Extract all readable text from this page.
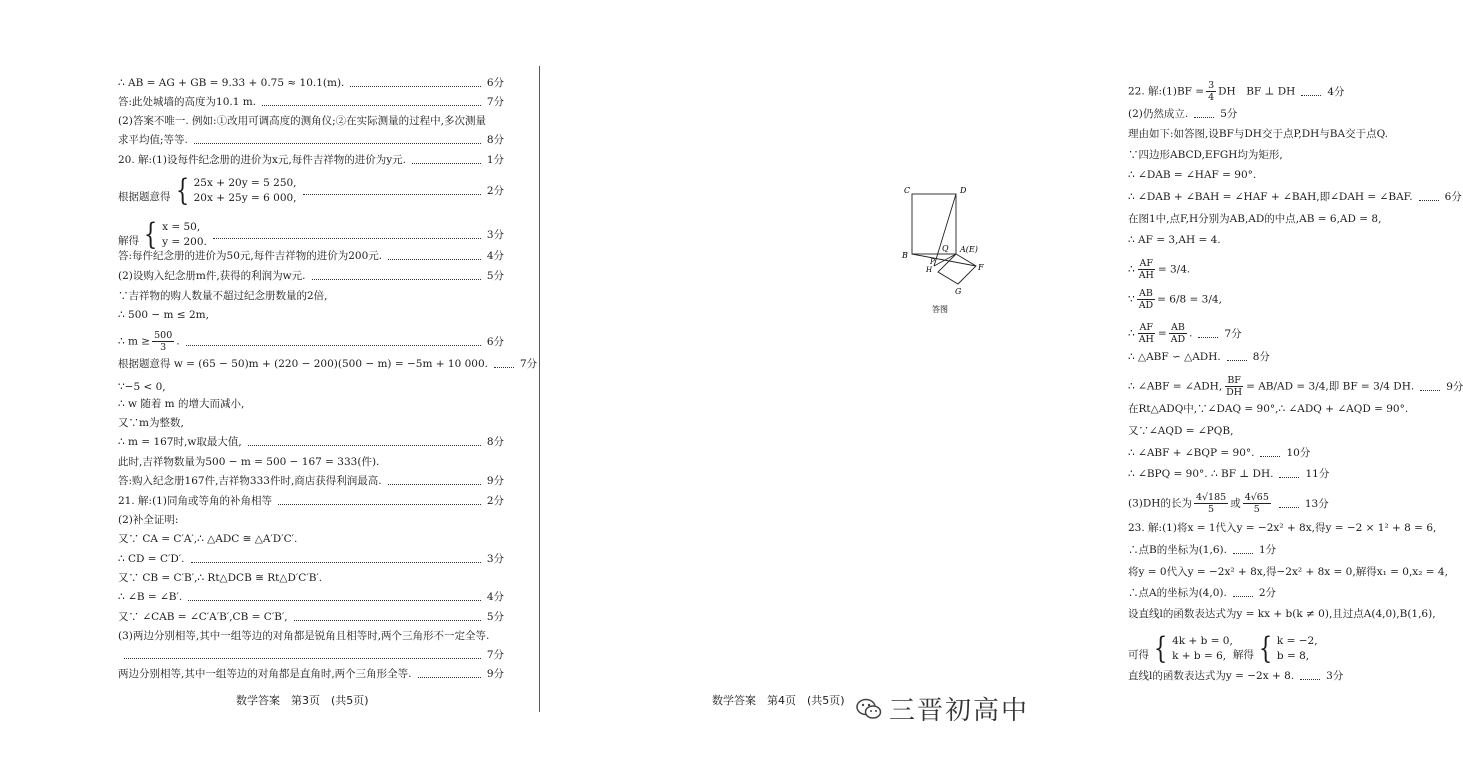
∴ AB = AG + GB = 9.33 + 0.75 ≈ 10.1(m).	6分
答:此处城墙的高度为10.1 m.	7分
(2)答案不唯一. 例如:①改用可调高度的测角仪;②在实际测量的过程中,多次测量
求平均值;等等.	8分
20. 解:(1)设每件纪念册的进价为x元,每件吉祥物的进价为y元.	1分
根据题意得 { 25x + 20y = 5 250,
20x + 25y = 6 000,
2分
解得 { x = 50,
y = 200.
3分
答:每件纪念册的进价为50元,每件吉祥物的进价为200元.	4分
(2)设购入纪念册m件,获得的利润为w元.	5分
∵吉祥物的购人数量不超过纪念册数量的2倍,
∴ 500 − m ≤ 2m,
∴ $m \ge \frac{500}{3}$ .	6分
根据题意得 w = (65 − 50)m + (220 − 200)(500 − m) = −5m + 10 000.	7分
∵−5 < 0,
∴ w 随着 m 的增大而减小,
又∵m为整数,
∴ m = 167时,w取最大值,	8分
此时,吉祥物数量为500 − m = 500 − 167 = 333(件).
答:购入纪念册167件,吉祥物333件时,商店获得利润最高.	9分
21. 解:(1)同角或等角的补角相等	2分
(2)补全证明:
又∵ CA = C′A′,∴ △ADC ≅ △A′D′C′.
∴ CD = C′D′.	3分
又∵ CB = C′B′,∴ Rt△DCB ≅ Rt△D′C′B′.
∴ ∠B = ∠B′.	4分
又∵ ∠CAB = ∠C′A′B′,CB = C′B′,	5分
(3)两边分别相等,其中一组等边的对角都是锐角且相等时,两个三角形不一定全等.
7分
两边分别相等,其中一组等边的对角都是直角时,两个三角形全等.	9分
22. 解:(1)BF = $\frac{3}{4}$ DH　BF ⊥ DH	4分
(2)仍然成立.	5分
理由如下:如答图,设BF与DH交于点P,DH与BA交于点Q.
∵四边形ABCD,EFGH均为矩形,
∴ ∠DAB = ∠HAF = 90°.
∴ ∠DAB + ∠BAH = ∠HAF + ∠BAH,即∠DAH = ∠BAF.	6分
在图1中,点F,H分别为AB,AD的中点,AB = 6,AD = 8,
∴ AF = 3,AH = 4.
∴ $\frac{AF}{AH} = 3/4$.
∵ $\frac{AB}{AD} = 6/8 = 3/4$,
∴ $\frac{AF}{AH} = \frac{AB}{AD}$ .	7分
∴ △ABF ∽ △ADH.	8分
∴ ∠ABF = ∠ADH, $\frac{BF}{DH} = AB/AD = 3/4$,即 BF = 3/4 DH.	9分
在Rt△ADQ中,∵∠DAQ = 90°,∴ ∠ADQ + ∠AQD = 90°.
又∵∠AQD = ∠PQB,
∴ ∠ABF + ∠BQP = 90°.	10分
∴ ∠BPQ = 90°. ∴ BF ⊥ DH.	11分
(3)DH的长为 $\frac{4√185}{5}$ 或 $\frac{4√65}{5}$	13分
23. 解:(1)将x = 1代入y = −2x² + 8x,得y = −2 × 1² + 8 = 6,
∴点B的坐标为(1,6).	1分
将y = 0代入y = −2x² + 8x,得−2x² + 8x = 0,解得x₁ = 0,x₂ = 4,
∴点A的坐标为(4,0).	2分
设直线l的函数表达式为y = kx + b(k ≠ 0),且过点A(4,0),B(1,6),
可得 { 4k + b = 0,
k + b = 6, 解得 { k = −2,
b = 8,
直线l的函数表达式为y = −2x + 8.	3分
数学答案　第3页　(共5页)	数学答案　第4页　(共5页)
C	D
B
Q A(E)
P
H	F
G
答图
三晋初高中
